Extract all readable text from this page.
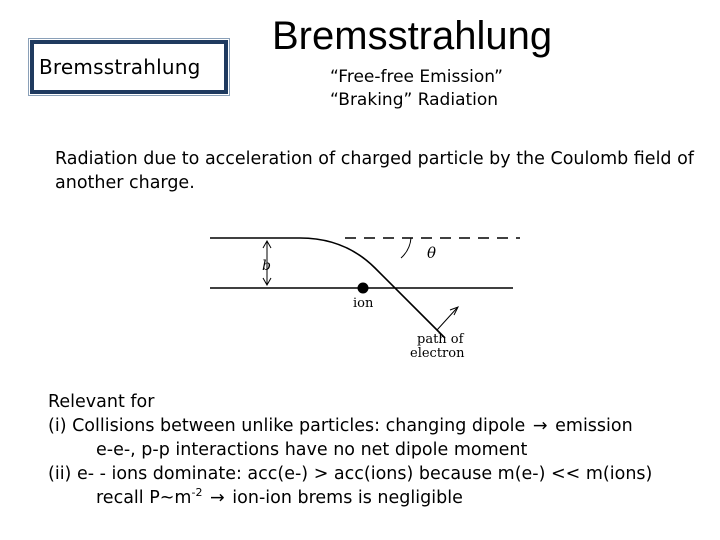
Bremsstrahlung
Bremsstrahlung
“Free-free Emission”
“Braking” Radiation
Radiation due to acceleration of charged particle by the Coulomb field of another charge.
b
θ
ion
path of
electron
Relevant for
(i) Collisions between unlike particles: changing dipole → emission
e-e-, p-p interactions have no net dipole moment
(ii) e- - ions dominate: acc(e-) > acc(ions) because m(e-) << m(ions)
recall $P\sim m^{-2} \to ion-ion$ brems is negligible
